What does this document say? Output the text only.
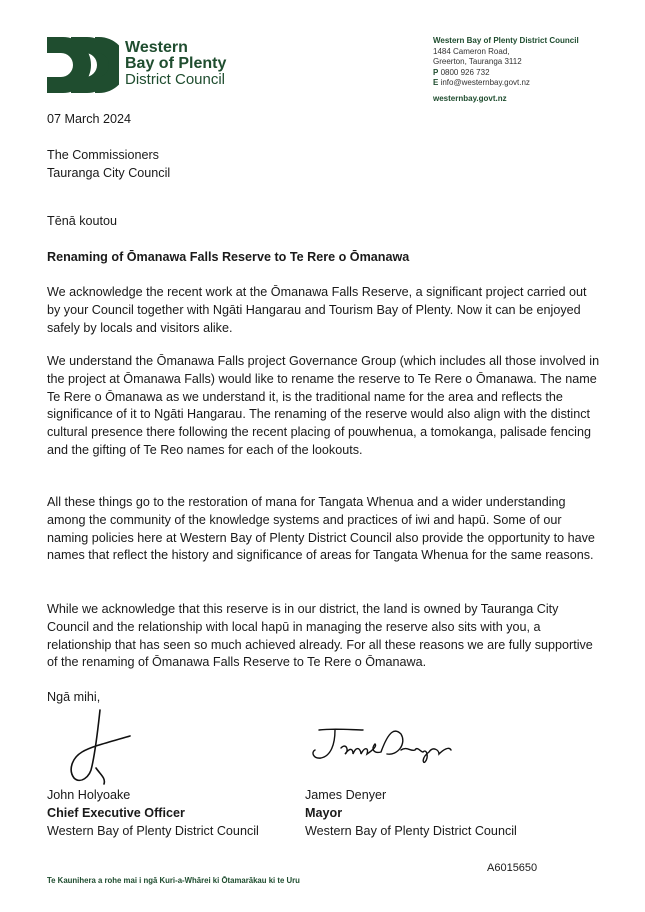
Western
Bay of Plenty
District Council
Western Bay of Plenty District Council
1484 Cameron Road,
Greerton, Tauranga 3112
P 0800 926 732
E info@westernbay.govt.nz
westernbay.govt.nz
07 March 2024
The Commissioners
Tauranga City Council
Tēnā koutou
Renaming of Ōmanawa Falls Reserve to Te Rere o Ōmanawa
We acknowledge the recent work at the Ōmanawa Falls Reserve, a significant project carried out by your Council together with Ngāti Hangarau and Tourism Bay of Plenty. Now it can be enjoyed safely by locals and visitors alike.
We understand the Ōmanawa Falls project Governance Group (which includes all those involved in the project at Ōmanawa Falls) would like to rename the reserve to Te Rere o Ōmanawa. The name Te Rere o Ōmanawa as we understand it, is the traditional name for the area and reflects the significance of it to Ngāti Hangarau. The renaming of the reserve would also align with the distinct cultural presence there following the recent placing of pouwhenua, a tomokanga, palisade fencing and the gifting of Te Reo names for each of the lookouts.
All these things go to the restoration of mana for Tangata Whenua and a wider understanding among the community of the knowledge systems and practices of iwi and hapū. Some of our naming policies here at Western Bay of Plenty District Council also provide the opportunity to have names that reflect the history and significance of areas for Tangata Whenua for the same reasons.
While we acknowledge that this reserve is in our district, the land is owned by Tauranga City Council and the relationship with local hapū in managing the reserve also sits with you, a relationship that has seen so much achieved already. For all these reasons we are fully supportive of the renaming of Ōmanawa Falls Reserve to Te Rere o Ōmanawa.
Ngā mihi,
John Holyoake
Chief Executive Officer
Western Bay of Plenty District Council
James Denyer
Mayor
Western Bay of Plenty District Council
A6015650
Te Kaunihera a rohe mai i ngā Kuri-a-Whārei ki Ōtamarākau ki te Uru
